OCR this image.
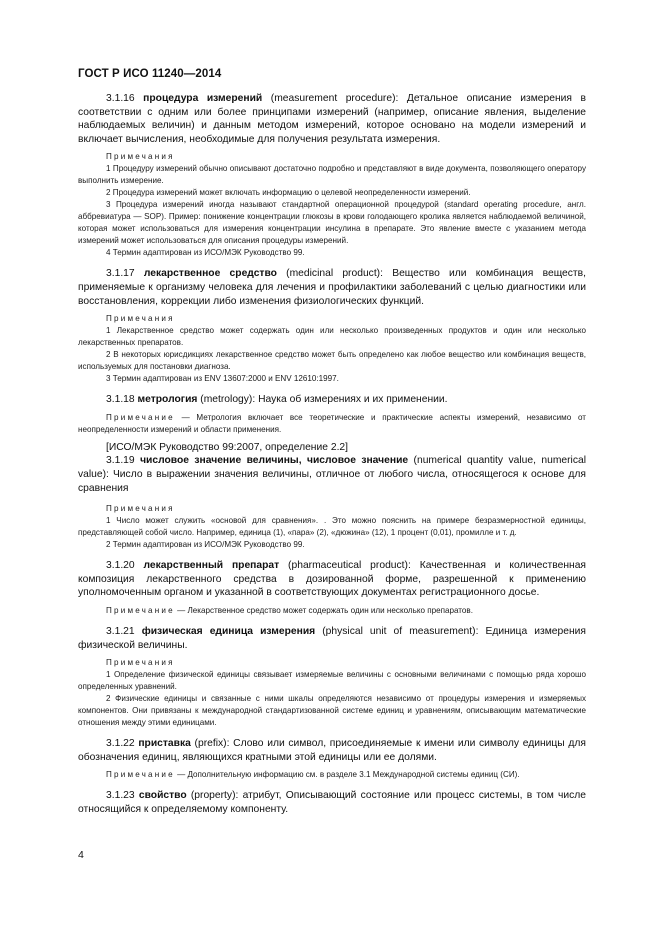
ГОСТ Р ИСО 11240—2014

3.1.16 процедура измерений (measurement procedure): Детальное описание измерения в соответствии с одним или более принципами измерений (например, описание явления, выделение наблюдаемых величин) и данным методом измерений, которое основано на модели измерений и включает вычисления, необходимые для получения результата измерения.

Примечания

1 Процедуру измерений обычно описывают достаточно подробно и представляют в виде документа, позволяющего оператору выполнить измерение.

2 Процедура измерений может включать информацию о целевой неопределенности измерений.

3 Процедура измерений иногда называют стандартной операционной процедурой (standard operating procedure, англ. аббревиатура — SOP). Пример: понижение концентрации глюкозы в крови голодающего кролика является наблюдаемой величиной, которая может использоваться для измерения концентрации инсулина в препарате. Это явление вместе с указанием метода измерений может использоваться для описания процедуры измерений.

4 Термин адаптирован из ИСО/МЭК Руководство 99.

3.1.17 лекарственное средство (medicinal product): Вещество или комбинация веществ, применяемые к организму человека для лечения и профилактики заболеваний с целью диагностики или восстановления, коррекции либо изменения физиологических функций.

Примечания

1 Лекарственное средство может содержать один или несколько произведенных продуктов и один или несколько лекарственных препаратов.

2 В некоторых юрисдикциях лекарственное средство может быть определено как любое вещество или комбинация веществ, используемых для постановки диагноза.

3 Термин адаптирован из ENV 13607:2000 и ENV 12610:1997.

3.1.18 метрология (metrology): Наука об измерениях и их применении.

Примечание — Метрология включает все теоретические и практические аспекты измерений, независимо от неопределенности измерений и области применения.

[ИСО/МЭК Руководство 99:2007, определение 2.2]

3.1.19 числовое значение величины, числовое значение (numerical quantity value, numerical value): Число в выражении значения величины, отличное от любого числа, относящегося к основе для сравнения

Примечания

1 Число может служить «основой для сравнения». . Это можно пояснить на примере безразмерностной единицы, представляющей собой число. Например, единица (1), «пара» (2), «дюжина» (12), 1 процент (0,01), промилле и т. д.

2 Термин адаптирован из ИСО/МЭК Руководство 99.

3.1.20 лекарственный препарат (pharmaceutical product): Качественная и количественная композиция лекарственного средства в дозированной форме, разрешенной к применению уполномоченным органом и указанной в соответствующих документах регистрационного досье.

Примечание — Лекарственное средство может содержать один или несколько препаратов.

3.1.21 физическая единица измерения (physical unit of measurement): Единица измерения физической величины.

Примечания

1 Определение физической единицы связывает измеряемые величины с основными величинами с помощью ряда хорошо определенных уравнений.

2 Физические единицы и связанные с ними шкалы определяются независимо от процедуры измерения и измеряемых компонентов. Они привязаны к международной стандартизованной системе единиц и уравнениям, описывающим математические отношения между этими единицами.

3.1.22 приставка (prefix): Слово или символ, присоединяемые к имени или символу единицы для обозначения единиц, являющихся кратными этой единицы или ее долями.

Примечание — Дополнительную информацию см. в разделе 3.1 Международной системы единиц (СИ).

3.1.23 свойство (property): атрибут, Описывающий состояние или процесс системы, в том числе относящийся к определяемому компоненту.

4
